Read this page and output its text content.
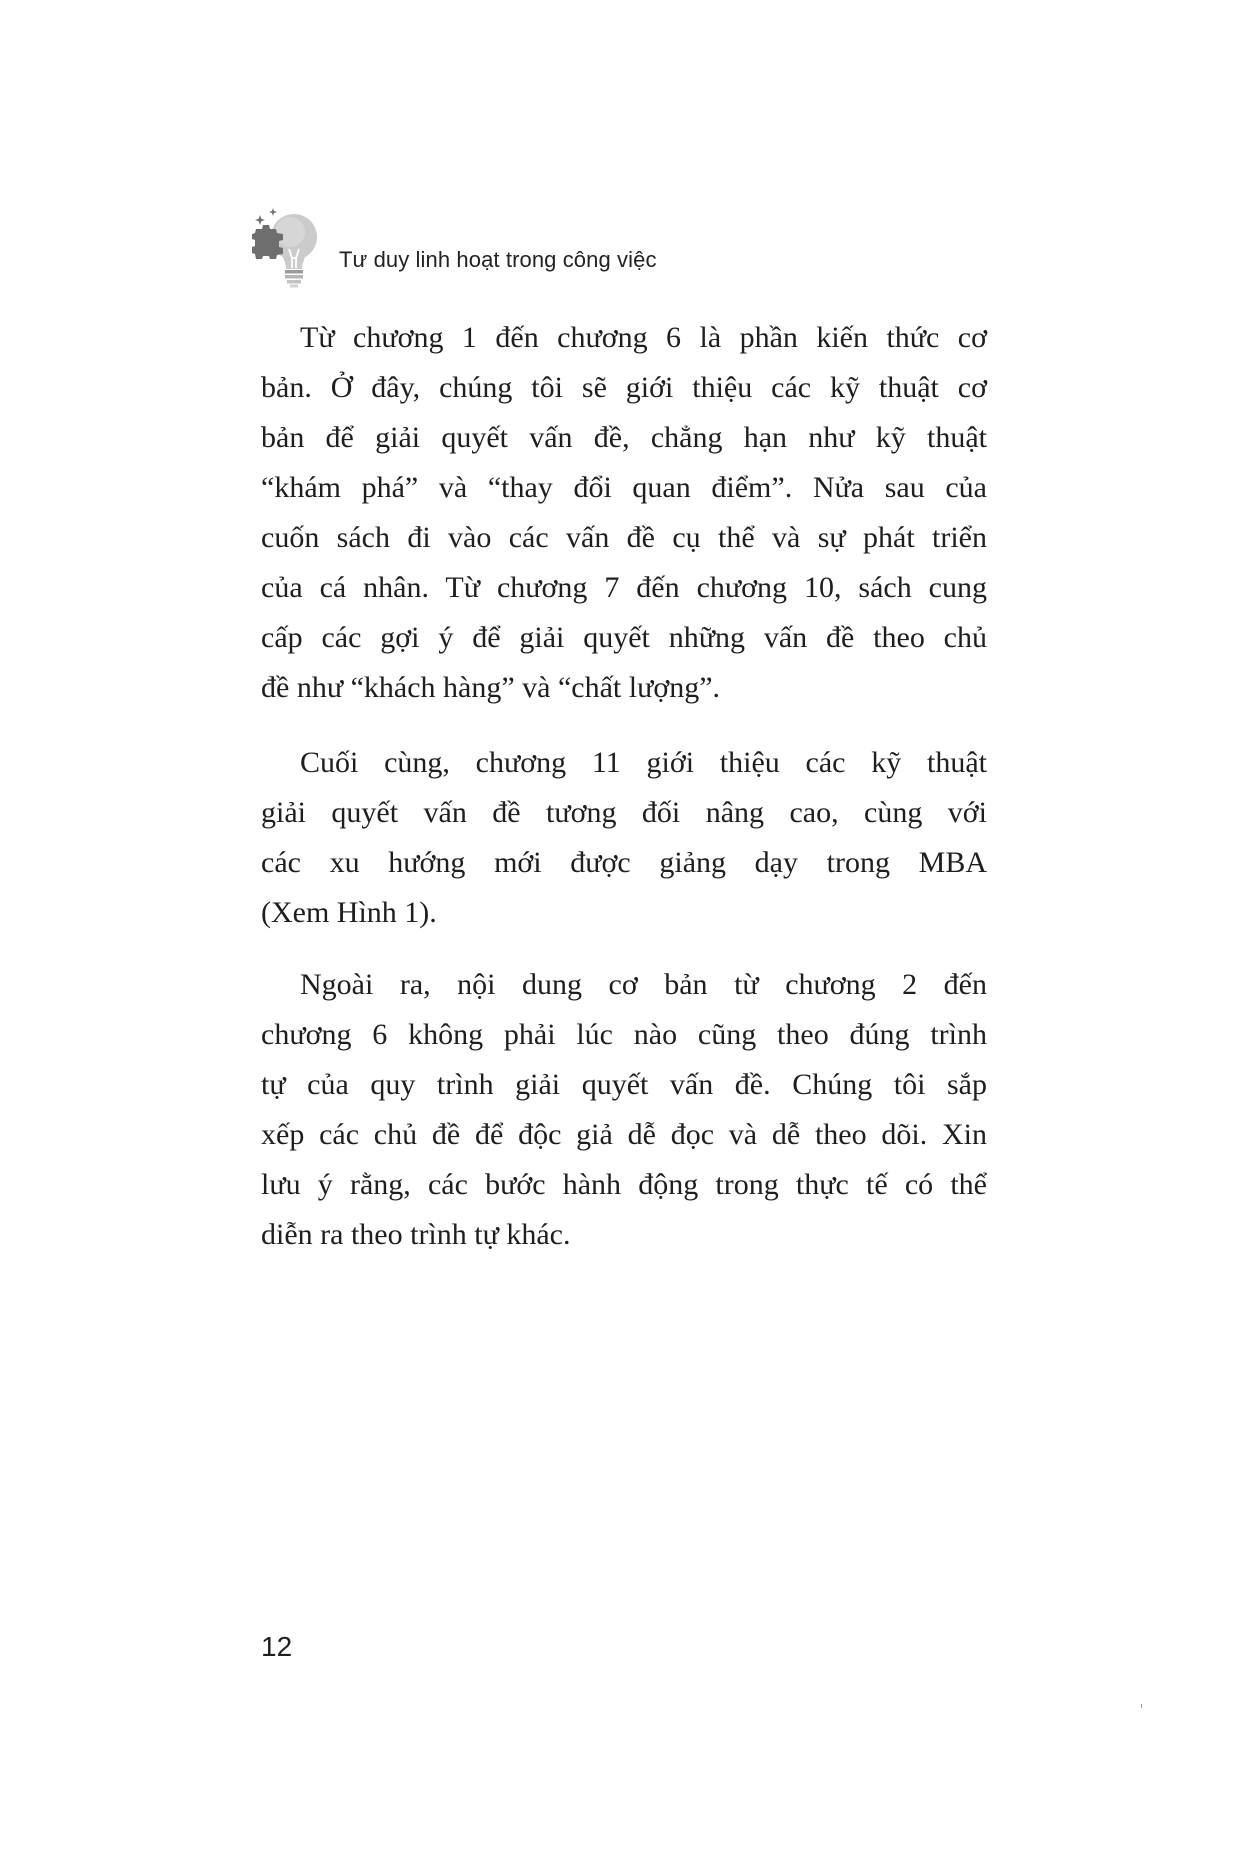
Tư duy linh hoạt trong công việc
Từ chương 1 đến chương 6 là phần kiến thức cơ
bản. Ở đây, chúng tôi sẽ giới thiệu các kỹ thuật cơ
bản để giải quyết vấn đề, chẳng hạn như kỹ thuật
“khám phá” và “thay đổi quan điểm”. Nửa sau của
cuốn sách đi vào các vấn đề cụ thể và sự phát triển
của cá nhân. Từ chương 7 đến chương 10, sách cung
cấp các gợi ý để giải quyết những vấn đề theo chủ
đề như “khách hàng” và “chất lượng”.
Cuối cùng, chương 11 giới thiệu các kỹ thuật
giải quyết vấn đề tương đối nâng cao, cùng với
các xu hướng mới được giảng dạy trong MBA
(Xem Hình 1).
Ngoài ra, nội dung cơ bản từ chương 2 đến
chương 6 không phải lúc nào cũng theo đúng trình
tự của quy trình giải quyết vấn đề. Chúng tôi sắp
xếp các chủ đề để độc giả dễ đọc và dễ theo dõi. Xin
lưu ý rằng, các bước hành động trong thực tế có thể
diễn ra theo trình tự khác.
12
